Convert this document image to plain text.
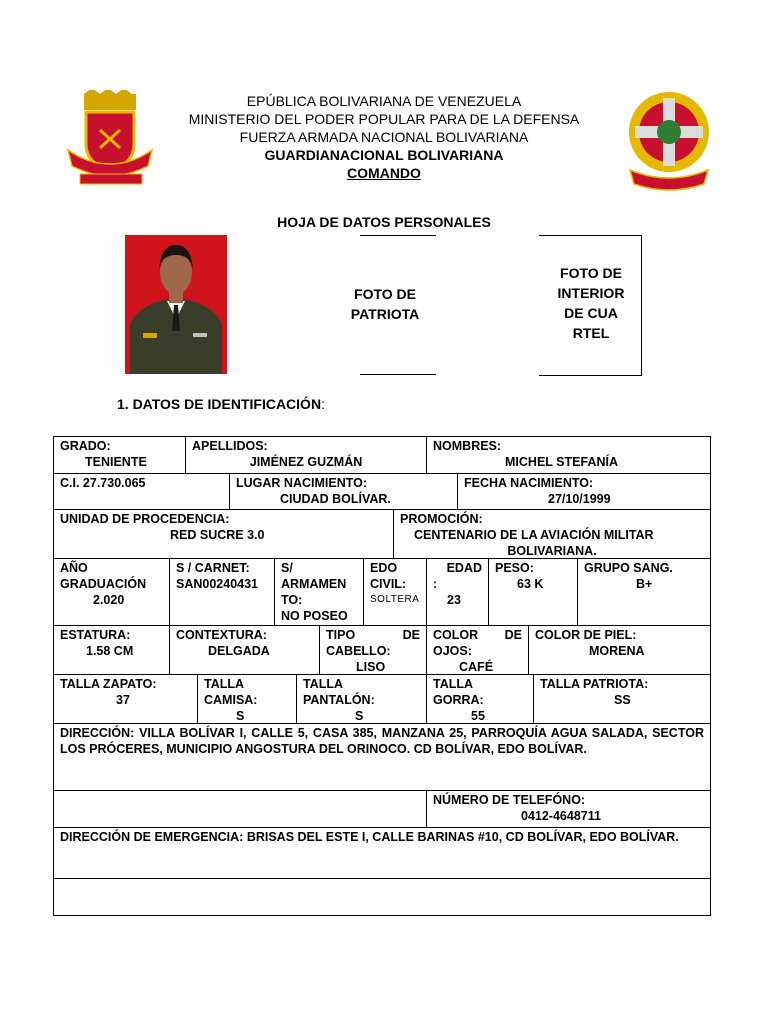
EPÚBLICA BOLIVARIANA DE VENEZUELA
MINISTERIO DEL PODER POPULAR PARA DE LA DEFENSA
FUERZA ARMADA NACIONAL BOLIVARIANA
GUARDIANACIONAL BOLIVARIANA
COMANDO
HOJA DE DATOS PERSONALES
FOTO DE
PATRIOTA
FOTO DE
INTERIOR
DE CUA
RTEL
1. DATOS DE IDENTIFICACIÓN:
GRADO:
TENIENTE
APELLIDOS:
JIMÉNEZ GUZMÁN
NOMBRES:
MICHEL STEFANÍA
C.I. 27.730.065	LUGAR NACIMIENTO:
CIUDAD BOLÍVAR.
FECHA NACIMIENTO:
27/10/1999
UNIDAD DE PROCEDENCIA:
RED SUCRE 3.0
PROMOCIÓN:
CENTENARIO DE LA AVIACIÓN MILITAR
BOLIVARIANA.
AÑO
GRADUACIÓN
2.020
S / CARNET:
SAN00240431
S/
ARMAMEN
TO:
NO POSEO
EDO
CIVIL:
SOLTERA
EDAD
:
23
PESO:
63 K
GRUPO SANG.
B+
ESTATURA:
1.58 CM
CONTEXTURA:
DELGADA
TIPO	DE
CABELLO:
LISO
COLOR DE
OJOS:
CAFÉ
COLOR DE PIEL:
MORENA
TALLA ZAPATO:
37
TALLA
CAMISA:
S
TALLA
PANTALÓN:
S
TALLA
GORRA:
55
TALLA PATRIOTA:
SS
DIRECCIÓN: VILLA BOLÍVAR I, CALLE 5, CASA 385, MANZANA 25, PARROQUÍA AGUA SALADA, SECTOR LOS PRÓCERES, MUNICIPIO ANGOSTURA DEL ORINOCO. CD BOLÍVAR, EDO BOLÍVAR.
NÚMERO DE TELEFÓNO:
0412-4648711
DIRECCIÓN DE EMERGENCIA: BRISAS DEL ESTE I, CALLE BARINAS #10, CD BOLÍVAR, EDO BOLÍVAR.
